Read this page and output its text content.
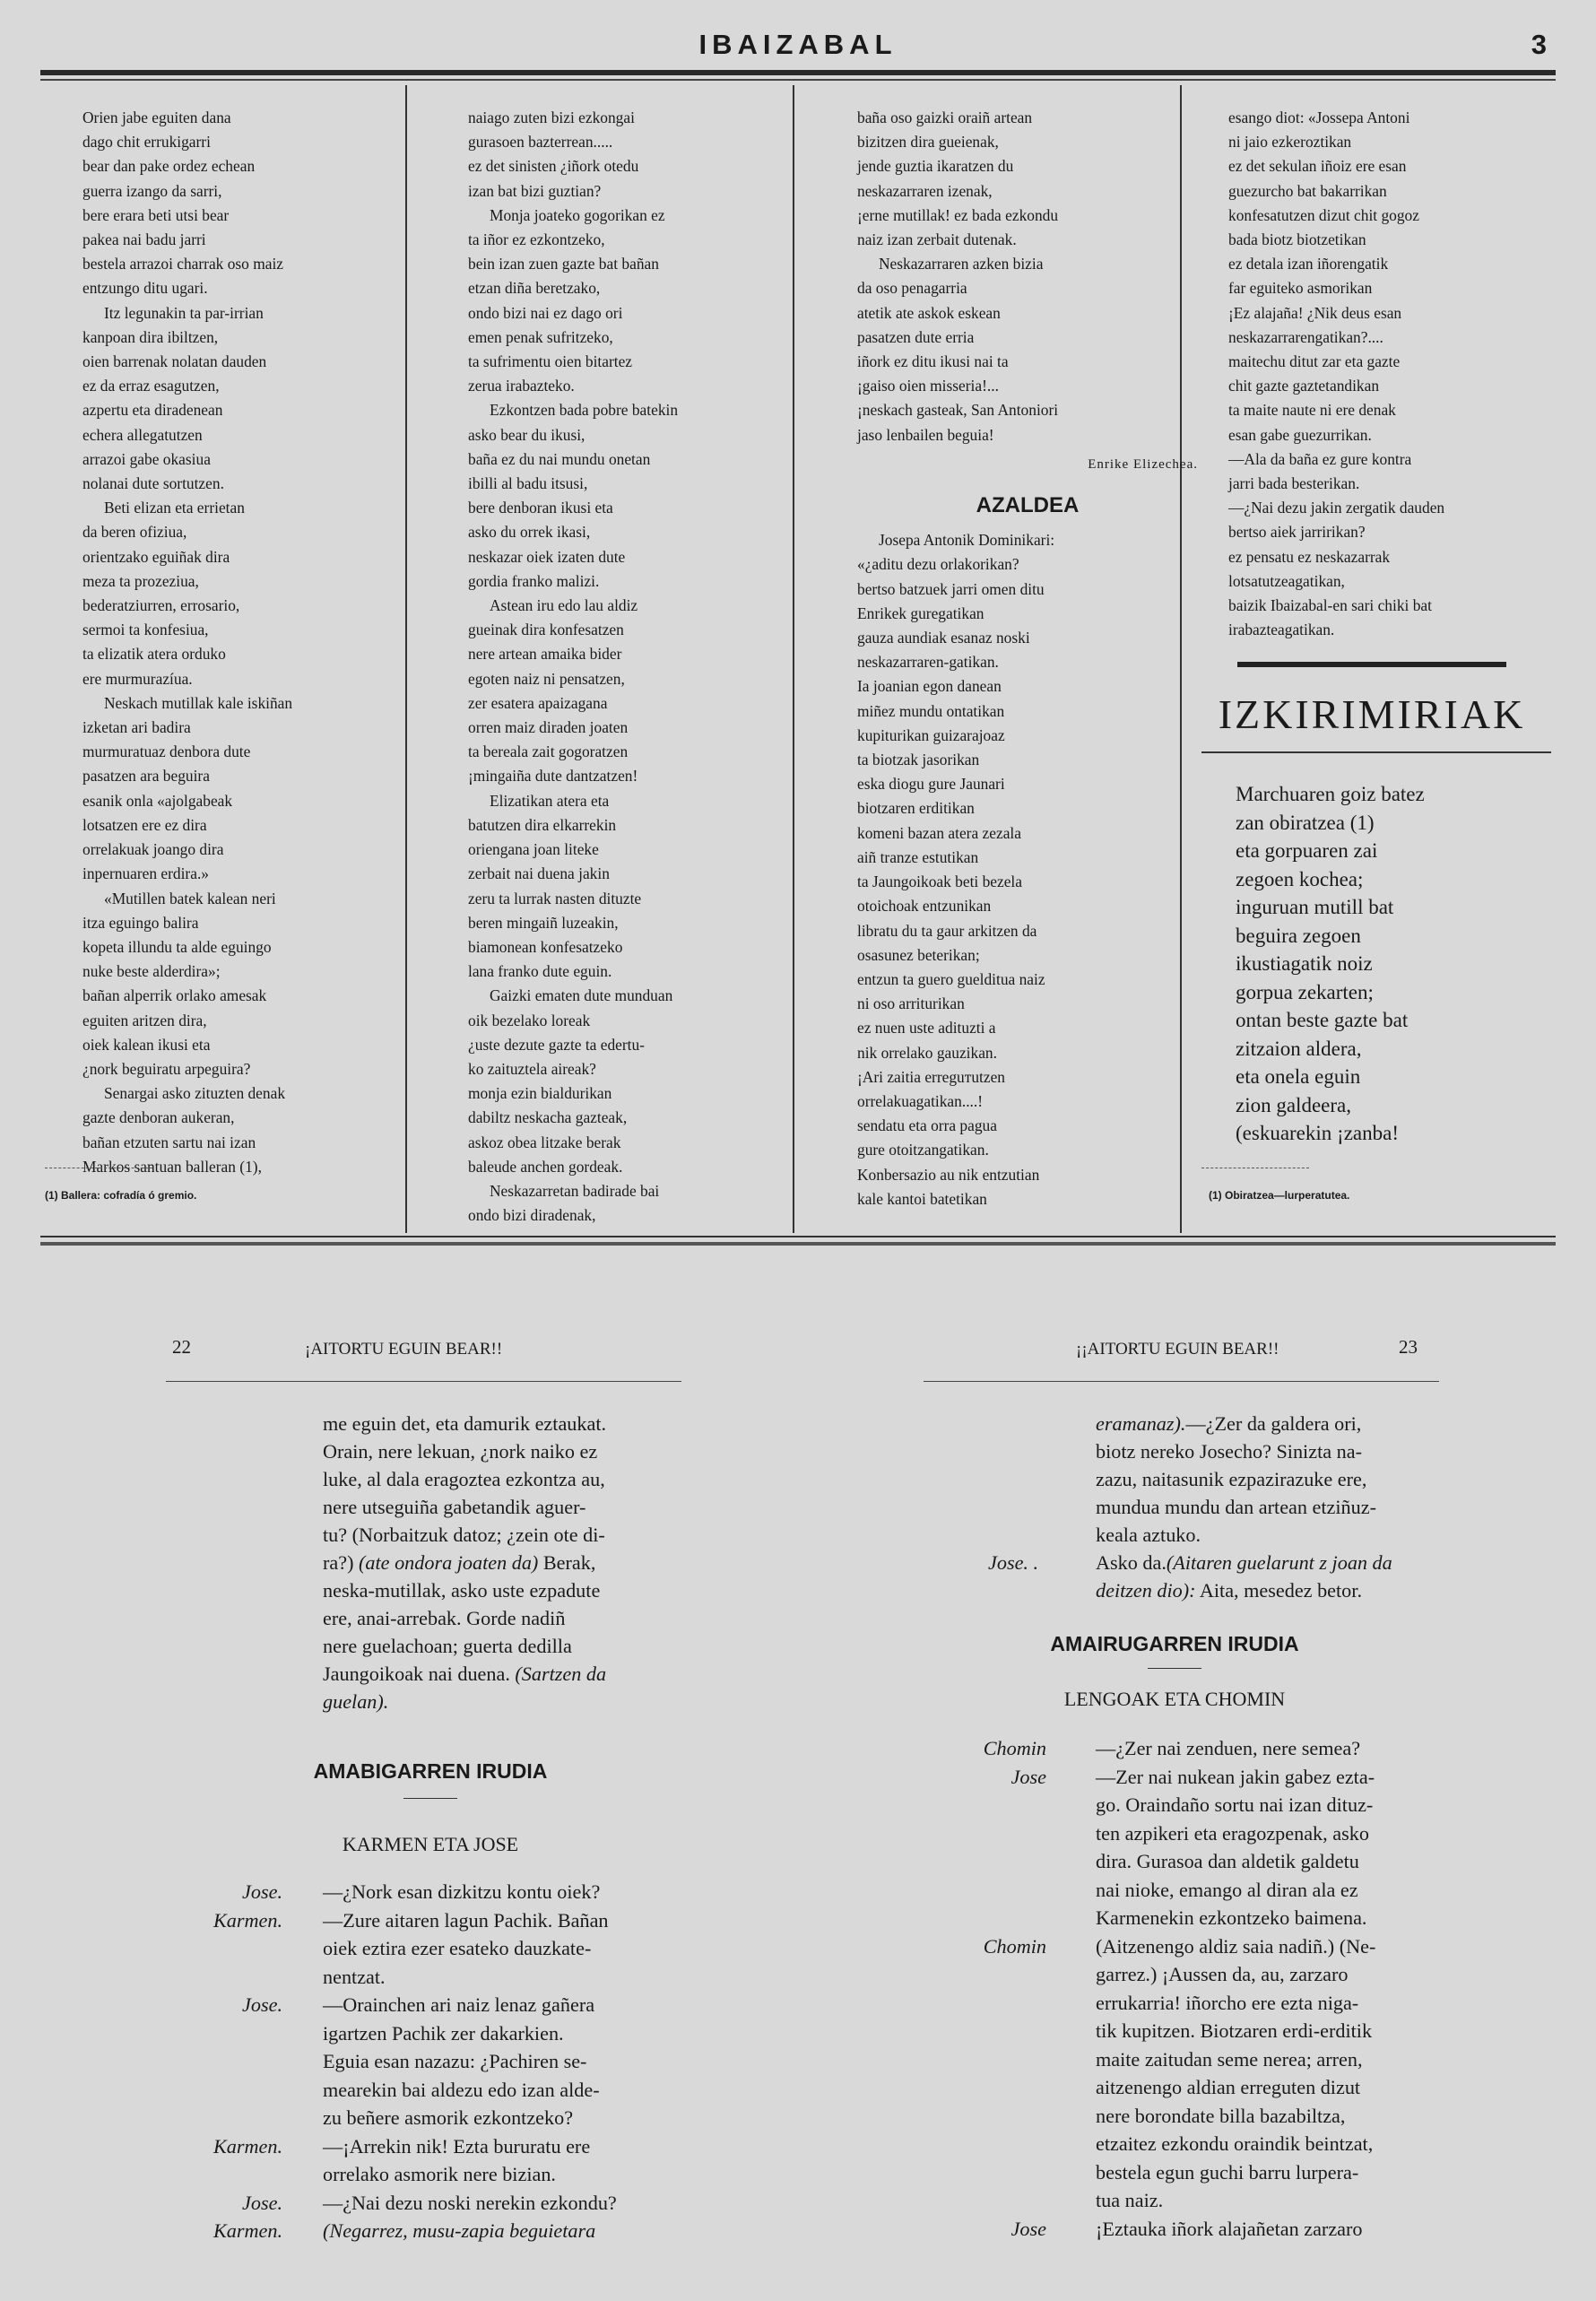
IBAIZABAL	3

Orien jabe eguiten dana

dago chit errukigarri

bear dan pake ordez echean

guerra izango da sarri,

bere erara beti utsi bear

pakea nai badu jarri

bestela arrazoi charrak oso maiz

entzungo ditu ugari.

Itz legunakin ta par-irrian

kanpoan dira ibiltzen,

oien barrenak nolatan dauden

ez da erraz esagutzen,

azpertu eta diradenean

echera allegatutzen

arrazoi gabe okasiua

nolanai dute sortutzen.

Beti elizan eta errietan

da beren ofiziua,

orientzako eguiñak dira

meza ta prozeziua,

bederatziurren, errosario,

sermoi ta konfesiua,

ta elizatik atera orduko

ere murmurazíua.

Neskach mutillak kale iskiñan

izketan ari badira

murmuratuaz denbora dute

pasatzen ara beguira

esanik onla «ajolgabeak

lotsatzen ere ez dira

orrelakuak joango dira

inpernuaren erdira.»

«Mutillen batek kalean neri

itza eguingo balira

kopeta illundu ta alde eguingo

nuke beste alderdira»;

bañan alperrik orlako amesak

eguiten aritzen dira,

oiek kalean ikusi eta

¿nork beguiratu arpeguira?

Senargai asko zituzten denak

gazte denboran aukeran,

bañan etzuten sartu nai izan

Markos santuan balleran (1),

(1) Ballera: cofradía ó gremio.

naiago zuten bizi ezkongai

gurasoen bazterrean.....

ez det sinisten ¿iñork otedu

izan bat bizi guztian?

Monja joateko gogorikan ez

ta iñor ez ezkontzeko,

bein izan zuen gazte bat bañan

etzan diña beretzako,

ondo bizi nai ez dago ori

emen penak sufritzeko,

ta sufrimentu oien bitartez

zerua irabazteko.

Ezkontzen bada pobre batekin

asko bear du ikusi,

baña ez du nai mundu onetan

ibilli al badu itsusi,

bere denboran ikusi eta

asko du orrek ikasi,

neskazar oiek izaten dute

gordia franko malizi.

Astean iru edo lau aldiz

gueinak dira konfesatzen

nere artean amaika bider

egoten naiz ni pensatzen,

zer esatera apaizagana

orren maiz diraden joaten

ta bereala zait gogoratzen

¡mingaiña dute dantzatzen!

Elizatikan atera eta

batutzen dira elkarrekin

oriengana joan liteke

zerbait nai duena jakin

zeru ta lurrak nasten dituzte

beren mingaiñ luzeakin,

biamonean konfesatzeko

lana franko dute eguin.

Gaizki ematen dute munduan

oik bezelako loreak

¿uste dezute gazte ta edertu-

ko zaituztela aireak?

monja ezin bialdurikan

dabiltz neskacha gazteak,

askoz obea litzake berak

baleude anchen gordeak.

Neskazarretan badirade bai

ondo bizi diradenak,

baña oso gaizki oraiñ artean

bizitzen dira gueienak,

jende guztia ikaratzen du

neskazarraren izenak,

¡erne mutillak! ez bada ezkondu

naiz izan zerbait dutenak.

Neskazarraren azken bizia

da oso penagarria

atetik ate askok eskean

pasatzen dute erria

iñork ez ditu ikusi nai ta

¡gaiso oien misseria!...

¡neskach gasteak, San Antoniori

jaso lenbailen beguia!

Enrike Elizechea.

AZALDEA

Josepa Antonik Dominikari:

«¿aditu dezu orlakorikan?

bertso batzuek jarri omen ditu

Enrikek guregatikan

gauza aundiak esanaz noski

neskazarraren-gatikan.

Ia joanian egon danean

miñez mundu ontatikan

kupiturikan guizarajoaz

ta biotzak jasorikan

eska diogu gure Jaunari

biotzaren erditikan

komeni bazan atera zezala

aiñ tranze estutikan

ta Jaungoikoak beti bezela

otoichoak entzunikan

libratu du ta gaur arkitzen da

osasunez beterikan;

entzun ta guero gueldituа naiz

ni oso arriturikan

ez nuen uste adituzti a

nik orrelako gauzikan.

¡Ari zaitia erreguтutzen

orrelakuagatikan....!

sendatu eta orra pagua

gure otoitzangatikan.

Konbersazio au nik entzutian

kale kantoi batetikan

esango diot: «Jossepa Antoni

ni jaio ezkeroztikan

ez det sekulan iñoiz ere esan

guezurcho bat bakarrikan

konfesatutzen dizut chit gogoz

bada biotz biotzetikan

ez detala izan iñorengatik

far eguiteko asmorikan

¡Ez alajaña! ¿Nik deus esan

neskazarrarengatikan?....

maitechu ditut zar eta gazte

chit gazte gaztetandikan

ta maite naute ni ere denak

esan gabe guezurrikan.

—Ala da baña ez gure kontra

jarri bada besterikan.

—¿Nai dezu jakin zergatik dauden

bertso aiek jarririkan?

ez pensatu ez neskazarrak

lotsatutzeagatikan,

baizik Ibaizabal-en sari chiki bat

irabazteagatikan.

IZKIRIMIRIAK

Marchuaren goiz batez

zan obiratzea (1)

eta gorpuaren zai

zegoen kochea;

inguruan mutill bat

beguira zegoen

ikustiagatik noiz

gorpua zekarten;

ontan beste gazte bat

zitzaion aldera,

eta onela eguin

zion galdeera,

(eskuarekin ¡zanba!

(1) Obiratzea—lurperatutea.
22	¡AITORTU EGUIN BEAR!!	¡¡AITORTU EGUIN BEAR!!	23

me eguin det, eta damurik eztaukat.

Orain, nere lekuan, ¿nork naiko ez

luke, al dala eragoztea ezkontza au,

nere utseguiña gabetandik aguer-

tu? (Norbaitzuk datoz; ¿zein ote di-

ra?) (ate ondora joaten da) Berak,

neska-mutillak, asko uste ezpadute

ere, anai-arrebak. Gorde nadiñ

nere guelachoan; guerta dedilla

Jaungoikoak nai duena. (Sartzen da

guelan).

AMABIGARREN IRUDIA
KARMEN ETA JOSE
Jose. —¿Nork esan dizkitzu kontu oiek?
Karmen. —Zure aitaren lagun Pachik. Bañan
oiek eztira ezer esateko dauzkate-
nentzat.
Jose. —Orainchen ari naiz lenaz gañera
igartzen Pachik zer dakarkien.
Eguia esan nazazu: ¿Pachiren se-
mearekin bai aldezu edo izan alde-
zu beñere asmorik ezkontzeko?
Karmen. —¡Arrekin nik! Ezta bururatu ere
orrelako asmorik nere bizian.
Jose. —¿Nai dezu noski nerekin ezkondu?
Karmen. (Negarrez, musu-zapia beguietara

eramanaz).—¿Zer da galdera ori,

biotz nereko Josecho? Sinizta na-

zazu, naitasunik ezpazirazuke ere,

mundua mundu dan artean etziñuz-

keala aztuko.

Jose. .	Asko da.(Aitaren guelarunt z joan da
deitzen dio): Aita, mesedez betor.
AMAIRUGARREN IRUDIA
LENGOAK ETA CHOMIN
Chomin —¿Zer nai zenduen, nere semea?
Jose —Zer nai nukean jakin gabez ezta-
go. Oraindaño sortu nai izan dituz-
ten azpikeri eta eragozpenak, asko
dira. Gurasoa dan aldetik galdetu
nai nioke, emango al diran ala ez
Karmenekin ezkontzeko baimena.
Chomin (Aitzenengo aldiz saia nadiñ.) (Ne-
garrez.) ¡Aussen da, au, zarzaro
errukarria! iñorcho ere ezta niga-
tik kupitzen. Biotzaren erdi-erditik
maite zaitudan seme nerea; arren,
aitzenengo aldian erreguten dizut
nere borondate billa bazabiltza,
etzaitez ezkondu oraindik beintzat,
bestela egun guchi barru lurpera-
tua naiz.
Jose ¡Eztauka iñork alajañetan zarzaro
